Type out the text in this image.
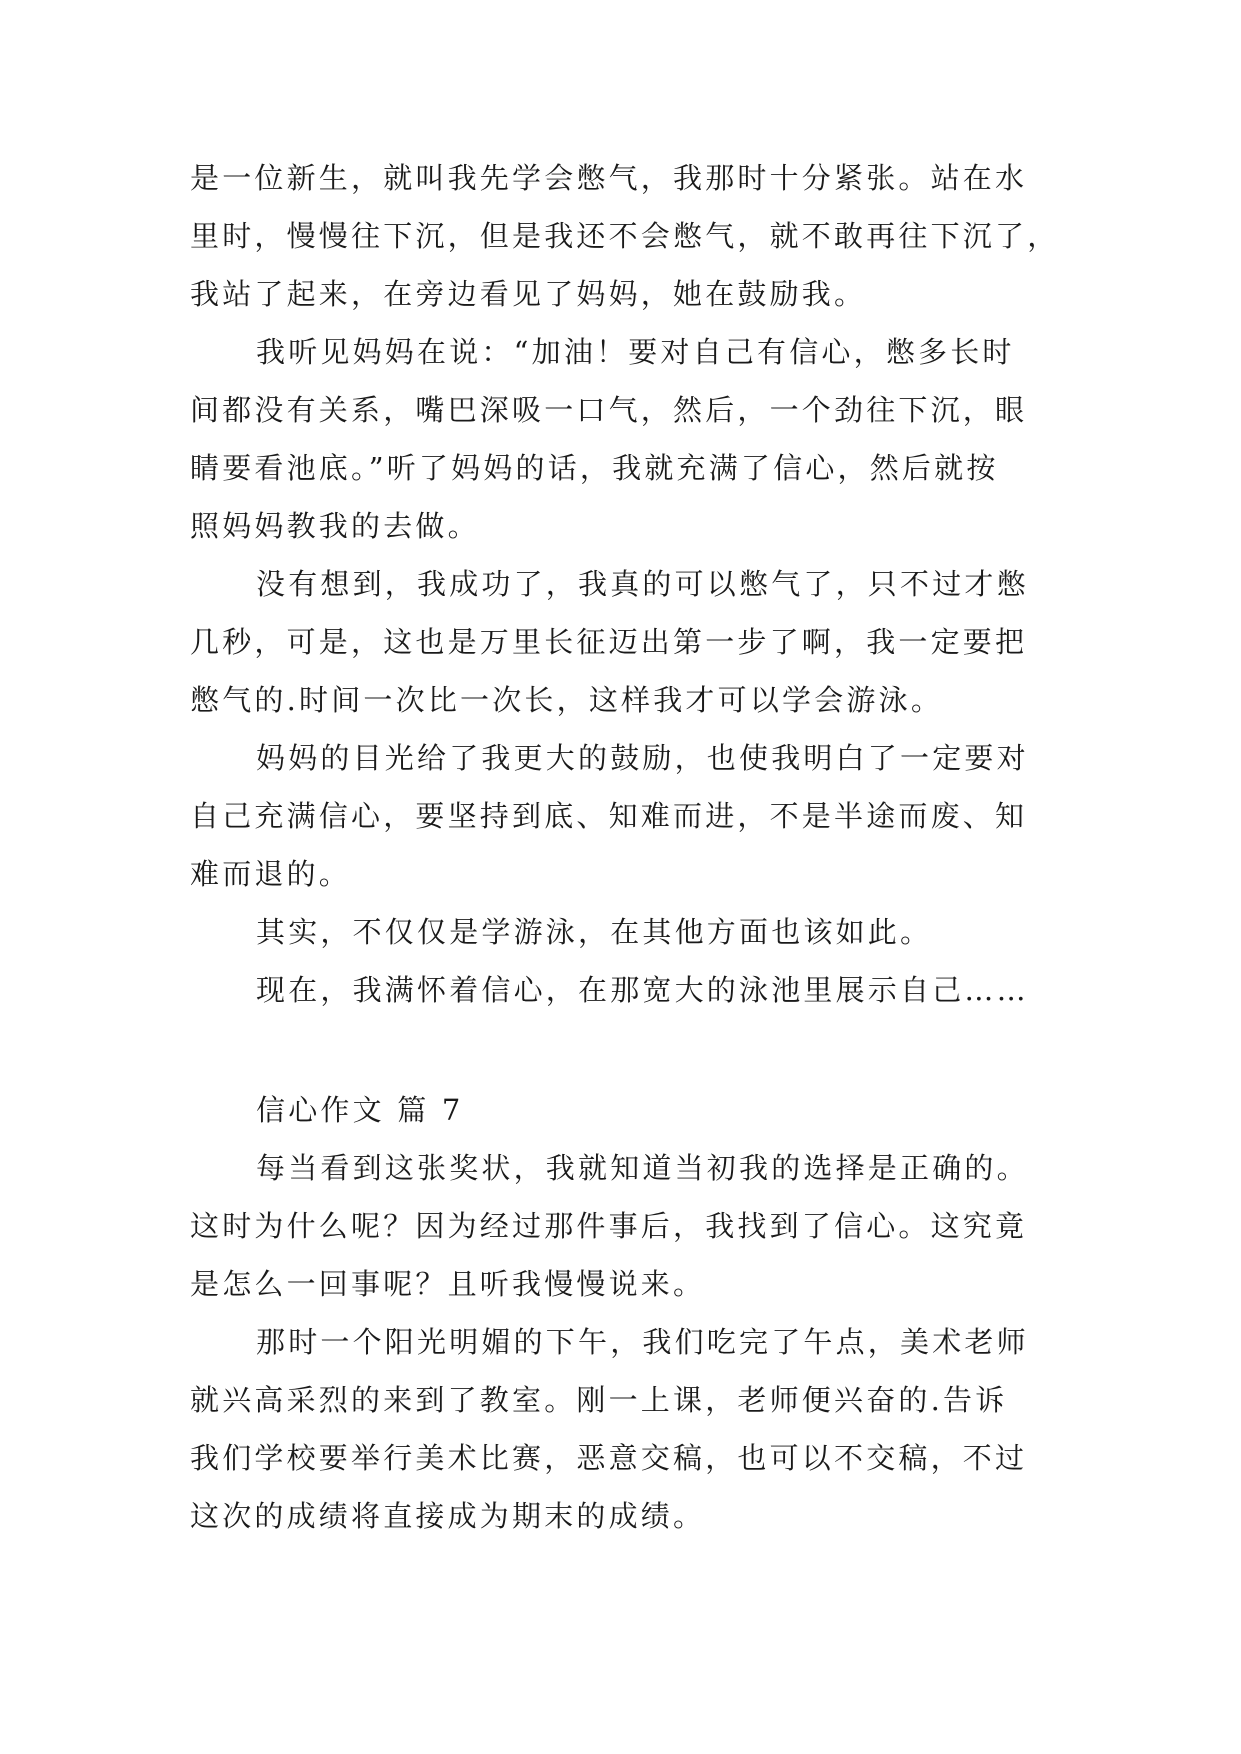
是一位新生，就叫我先学会憋气，我那时十分紧张。站在水
里时，慢慢往下沉，但是我还不会憋气，就不敢再往下沉了，
我站了起来，在旁边看见了妈妈，她在鼓励我。
我听见妈妈在说：“加油！要对自己有信心，憋多长时
间都没有关系，嘴巴深吸一口气，然后，一个劲往下沉，眼
睛要看池底。”听了妈妈的话，我就充满了信心，然后就按
照妈妈教我的去做。
没有想到，我成功了，我真的可以憋气了，只不过才憋
几秒，可是，这也是万里长征迈出第一步了啊，我一定要把
憋气的.时间一次比一次长，这样我才可以学会游泳。
妈妈的目光给了我更大的鼓励，也使我明白了一定要对
自己充满信心，要坚持到底、知难而进，不是半途而废、知
难而退的。
其实，不仅仅是学游泳，在其他方面也该如此。
现在，我满怀着信心，在那宽大的泳池里展示自己……
信心作文 篇 7
每当看到这张奖状，我就知道当初我的选择是正确的。
这时为什么呢？因为经过那件事后，我找到了信心。这究竟
是怎么一回事呢？且听我慢慢说来。
那时一个阳光明媚的下午，我们吃完了午点，美术老师
就兴高采烈的来到了教室。刚一上课，老师便兴奋的.告诉
我们学校要举行美术比赛，恶意交稿，也可以不交稿，不过
这次的成绩将直接成为期末的成绩。
